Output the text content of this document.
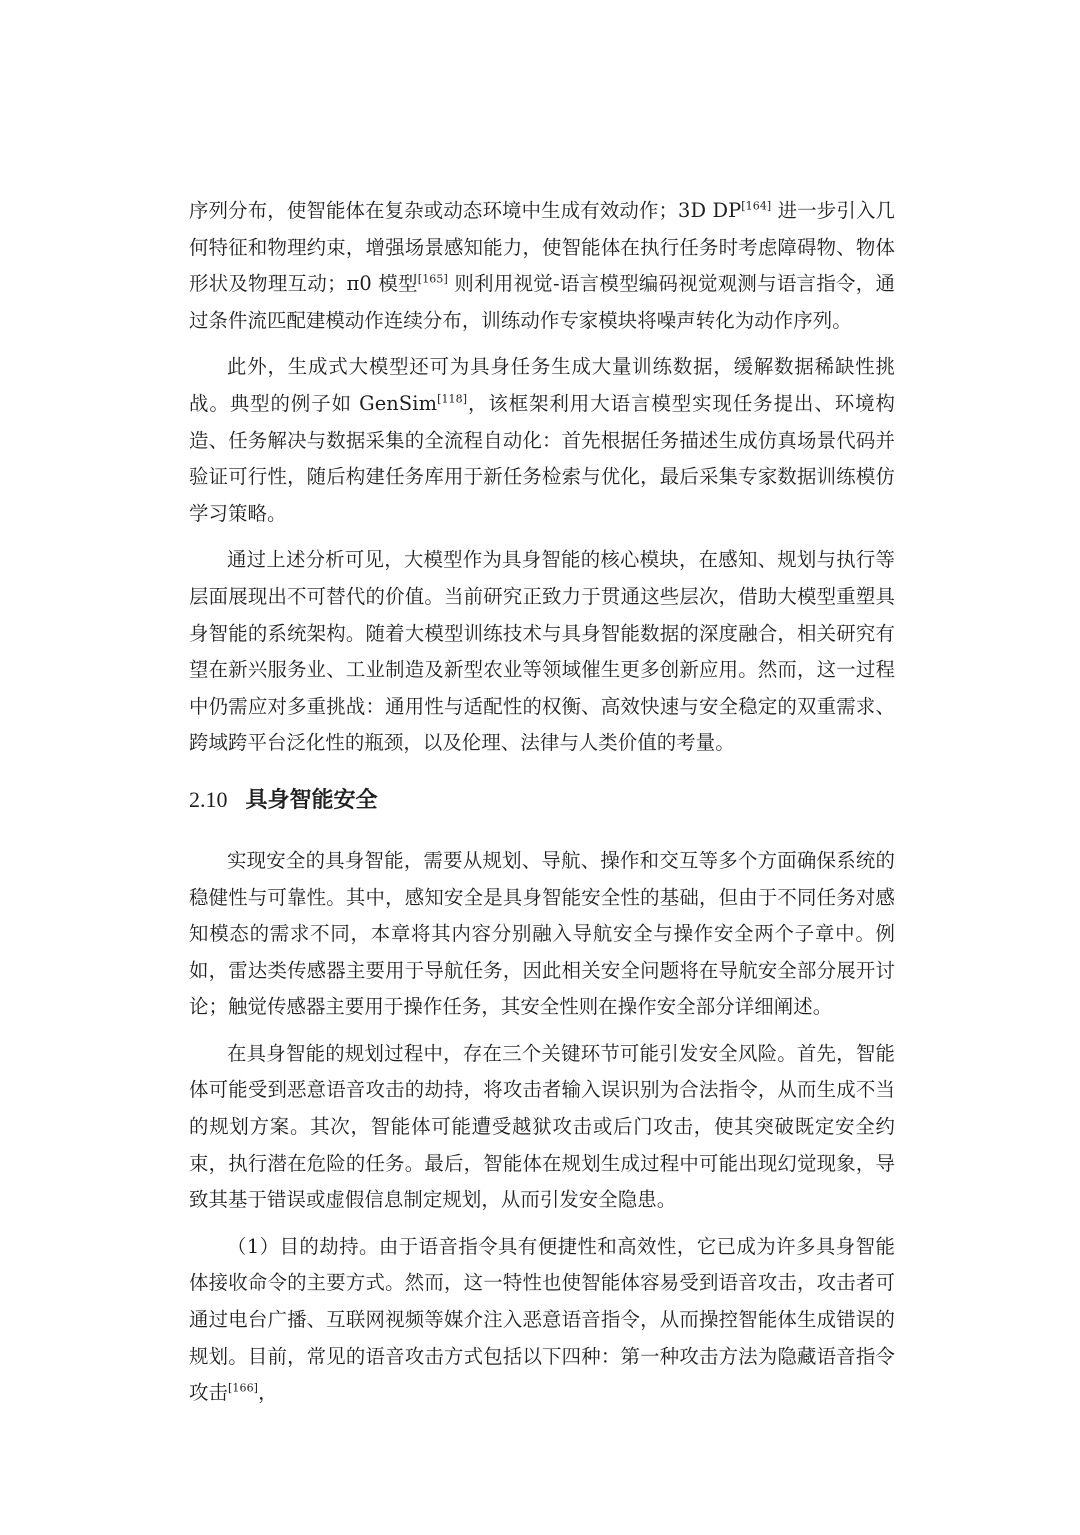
序列分布，使智能体在复杂或动态环境中生成有效动作；3D DP[164] 进一步引入几何特征和物理约束，增强场景感知能力，使智能体在执行任务时考虑障碍物、物体形状及物理互动；π0 模型[165] 则利用视觉-语言模型编码视觉观测与语言指令，通过条件流匹配建模动作连续分布，训练动作专家模块将噪声转化为动作序列。

此外，生成式大模型还可为具身任务生成大量训练数据，缓解数据稀缺性挑战。典型的例子如 GenSim[118]，该框架利用大语言模型实现任务提出、环境构造、任务解决与数据采集的全流程自动化：首先根据任务描述生成仿真场景代码并验证可行性，随后构建任务库用于新任务检索与优化，最后采集专家数据训练模仿学习策略。

通过上述分析可见，大模型作为具身智能的核心模块，在感知、规划与执行等层面展现出不可替代的价值。当前研究正致力于贯通这些层次，借助大模型重塑具身智能的系统架构。随着大模型训练技术与具身智能数据的深度融合，相关研究有望在新兴服务业、工业制造及新型农业等领域催生更多创新应用。然而，这一过程中仍需应对多重挑战：通用性与适配性的权衡、高效快速与安全稳定的双重需求、跨域跨平台泛化性的瓶颈，以及伦理、法律与人类价值的考量。

2.10 具身智能安全

实现安全的具身智能，需要从规划、导航、操作和交互等多个方面确保系统的稳健性与可靠性。其中，感知安全是具身智能安全性的基础，但由于不同任务对感知模态的需求不同，本章将其内容分别融入导航安全与操作安全两个子章中。例如，雷达类传感器主要用于导航任务，因此相关安全问题将在导航安全部分展开讨论；触觉传感器主要用于操作任务，其安全性则在操作安全部分详细阐述。

在具身智能的规划过程中，存在三个关键环节可能引发安全风险。首先，智能体可能受到恶意语音攻击的劫持，将攻击者输入误识别为合法指令，从而生成不当的规划方案。其次，智能体可能遭受越狱攻击或后门攻击，使其突破既定安全约束，执行潜在危险的任务。最后，智能体在规划生成过程中可能出现幻觉现象，导致其基于错误或虚假信息制定规划，从而引发安全隐患。

（1）目的劫持。由于语音指令具有便捷性和高效性，它已成为许多具身智能体接收命令的主要方式。然而，这一特性也使智能体容易受到语音攻击，攻击者可通过电台广播、互联网视频等媒介注入恶意语音指令，从而操控智能体生成错误的规划。目前，常见的语音攻击方式包括以下四种：第一种攻击方法为隐藏语音指令攻击[166]，
